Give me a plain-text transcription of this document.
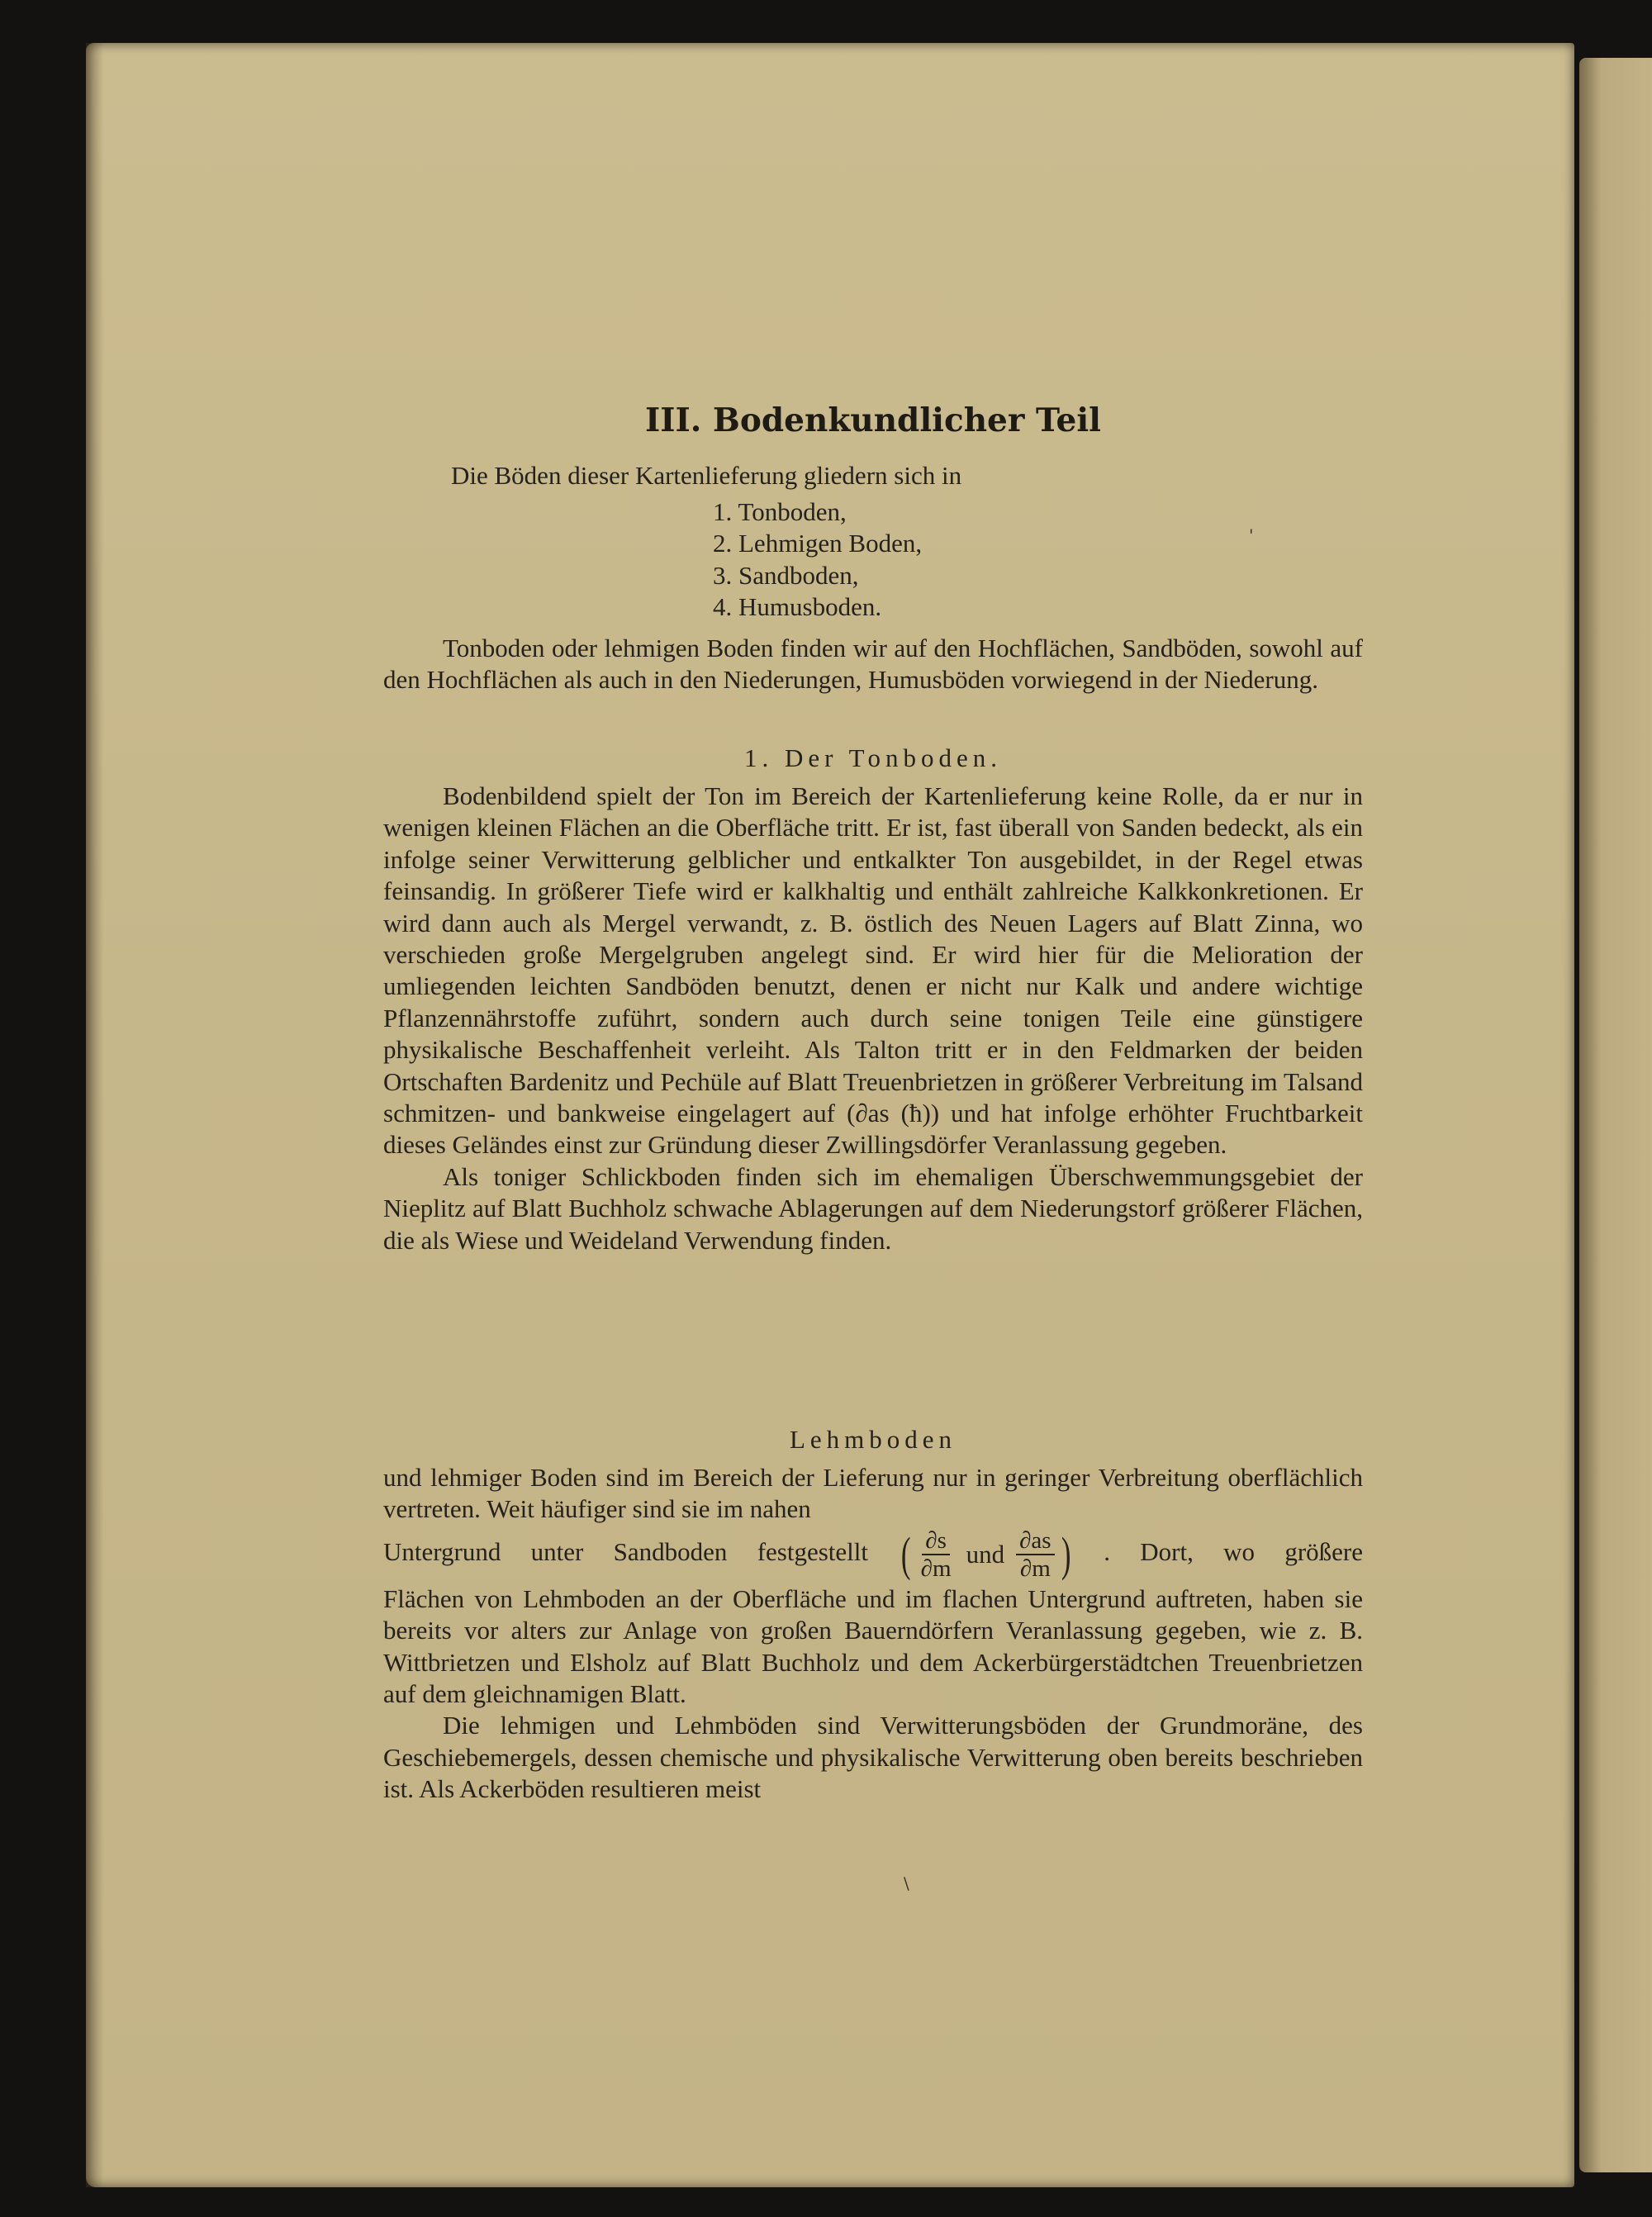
III. Bodenkundlicher Teil
Die Böden dieser Kartenlieferung gliedern sich in
1. Tonboden,
2. Lehmigen Boden,
3. Sandboden,
4. Humusboden.

Tonboden oder lehmigen Boden finden wir auf den Hochflächen, Sandböden, sowohl auf den Hochflächen als auch in den Niederungen, Humusböden vorwiegend in der Niederung.

1. Der Tonboden.

Bodenbildend spielt der Ton im Bereich der Kartenlieferung keine Rolle, da er nur in wenigen kleinen Flächen an die Oberfläche tritt. Er ist, fast überall von Sanden bedeckt, als ein infolge seiner Verwitterung gelblicher und entkalkter Ton ausgebildet, in der Regel etwas feinsandig. In größerer Tiefe wird er kalkhaltig und enthält zahlreiche Kalkkonkretionen. Er wird dann auch als Mergel verwandt, z. B. östlich des Neuen Lagers auf Blatt Zinna, wo verschieden große Mergelgruben angelegt sind. Er wird hier für die Melioration der umliegenden leichten Sandböden benutzt, denen er nicht nur Kalk und andere wichtige Pflanzennährstoffe zuführt, sondern auch durch seine tonigen Teile eine günstigere physikalische Beschaffenheit verleiht. Als Talton tritt er in den Feldmarken der beiden Ortschaften Bardenitz und Pechüle auf Blatt Treuenbrietzen in größerer Verbreitung im Talsand schmitzen- und bankweise eingelagert auf (∂as (ħ)) und hat infolge erhöhter Fruchtbarkeit dieses Geländes einst zur Gründung dieser Zwillingsdörfer Veranlassung gegeben.

Als toniger Schlickboden finden sich im ehemaligen Überschwemmungsgebiet der Nieplitz auf Blatt Buchholz schwache Ablagerungen auf dem Niederungstorf größerer Flächen, die als Wiese und Weideland Verwendung finden.

Lehmboden

und lehmiger Boden sind im Bereich der Lieferung nur in geringer Verbreitung oberflächlich vertreten. Weit häufiger sind sie im nahen

Untergrund unter Sandboden festgestellt ( $\frac{\partial s}{\partial m}$ und $\frac{\partial as}{\partial m}$ ) . Dort, wo größere

Flächen von Lehmboden an der Oberfläche und im flachen Untergrund auftreten, haben sie bereits vor alters zur Anlage von großen Bauerndörfern Veranlassung gegeben, wie z. B. Wittbrietzen und Elsholz auf Blatt Buchholz und dem Ackerbürgerstädtchen Treuenbrietzen auf dem gleichnamigen Blatt.

Die lehmigen und Lehmböden sind Verwitterungsböden der Grundmoräne, des Geschiebemergels, dessen chemische und physikalische Verwitterung oben bereits beschrieben ist. Als Ackerböden resultieren meist

'
\
